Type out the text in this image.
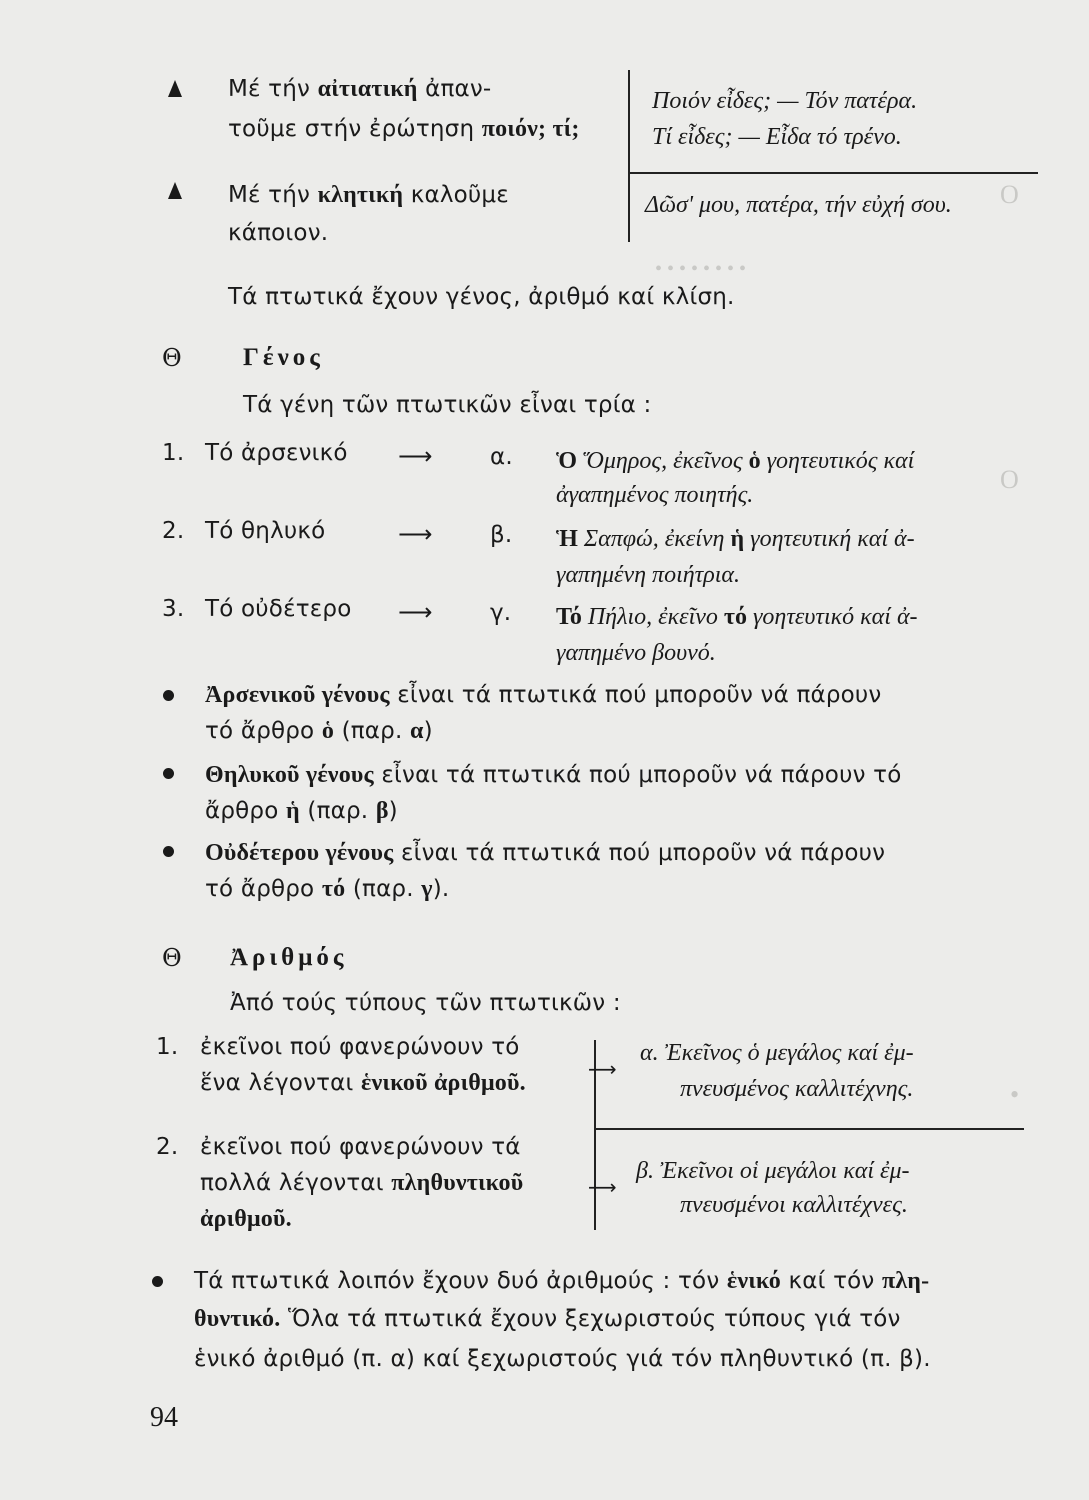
• • • • • • • •
O
O
•
Μέ τήν αἰτιατική ἀπαν-
τοῦμε στήν ἐρώτηση ποιόν; τί;
Ποιόν εἶδες; — Τόν πατέρα.
Τί εἶδες; — Εἶδα τό τρένο.
Μέ τήν κλητική καλοῦμε
κάποιον.
Δῶσ' μου, πατέρα, τήν εὐχή σου.
Τά πτωτικά ἔχουν γένος, ἀριθμό καί κλίση.
Θ Γένος
Τά γένη τῶν πτωτικῶν εἶναι τρία :
1. Τό ἀρσενικό ⟶	α. Ὁ Ὅμηρος, ἐκεῖνος ὁ γοητευτικός καί
ἀγαπημένος ποιητής.
2. Τό θηλυκό	⟶	β. Ἡ Σαπφώ, ἐκείνη ἡ γοητευτική καί ἀ-
γαπημένη ποιήτρια.
3. Τό οὐδέτερο ⟶	γ. Τό Πήλιο, ἐκεῖνο τό γοητευτικό καί ἀ-
γαπημένο βουνό.
Ἀρσενικοῦ γένους εἶναι τά πτωτικά πού μποροῦν νά πάρουν
τό ἄρθρο ὁ (παρ. α)
Θηλυκοῦ γένους εἶναι τά πτωτικά πού μποροῦν νά πάρουν τό
ἄρθρο ἡ (παρ. β)
Οὐδέτερου γένους εἶναι τά πτωτικά πού μποροῦν νά πάρουν
τό ἄρθρο τό (παρ. γ).
Θ Ἀριθμός
Ἀπό τούς τύπους τῶν πτωτικῶν :
1. ἐκεῖνοι πού φανερώνουν τό
ἕνα λέγονται ἑνικοῦ ἀριθμοῦ.
⟶
α. Ἐκεῖνος ὁ μεγάλος καί ἐμ-
πνευσμένος καλλιτέχνης.
2. ἐκεῖνοι πού φανερώνουν τά
πολλά λέγονται πληθυντικοῦ
ἀριθμοῦ.
⟶
β. Ἐκεῖνοι οἱ μεγάλοι καί ἐμ-
πνευσμένοι καλλιτέχνες.
Τά πτωτικά λοιπόν ἔχουν δυό ἀριθμούς : τόν ἑνικό καί τόν πλη-
θυντικό. Ὅλα τά πτωτικά ἔχουν ξεχωριστούς τύπους γιά τόν
ἑνικό ἀριθμό (π. α) καί ξεχωριστούς γιά τόν πληθυντικό (π. β).
94
